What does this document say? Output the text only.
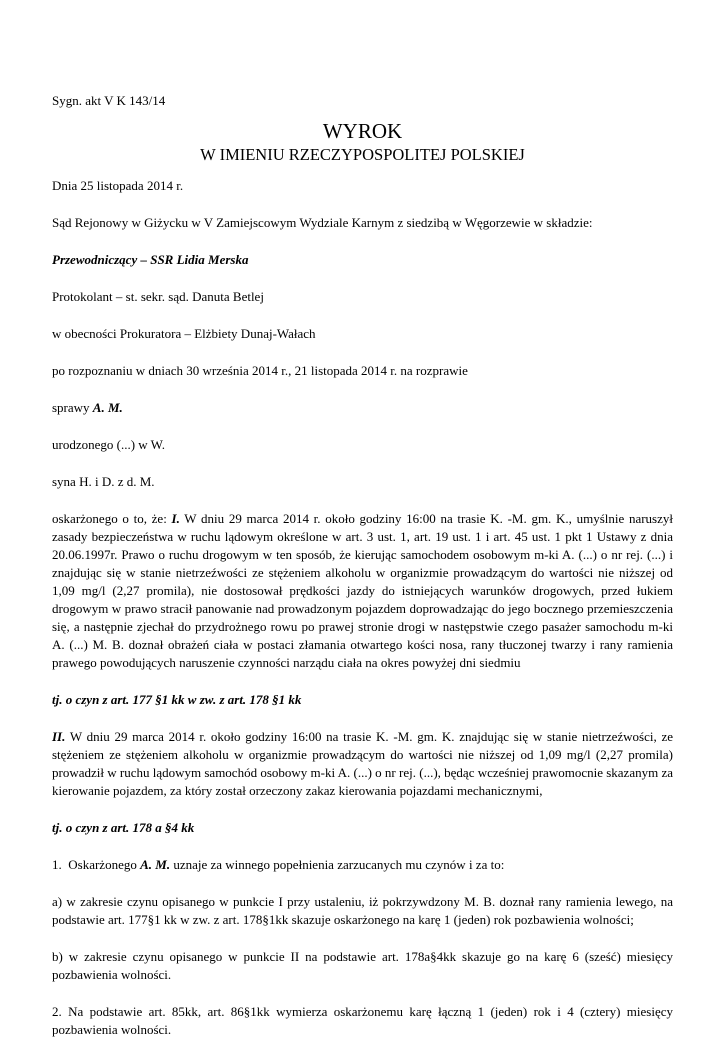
Sygn. akt V K 143/14

WYROK

W IMIENIU RZECZYPOSPOLITEJ POLSKIEJ

Dnia 25 listopada 2014 r.

Sąd Rejonowy w Giżycku w V Zamiejscowym Wydziale Karnym z siedzibą w Węgorzewie w składzie:

Przewodniczący – SSR Lidia Merska

Protokolant – st. sekr. sąd. Danuta Betlej

w obecności Prokuratora – Elżbiety Dunaj-Wałach

po rozpoznaniu w dniach 30 września 2014 r., 21 listopada 2014 r. na rozprawie

sprawy A. M.

urodzonego (...) w W.

syna H. i D. z d. M.

oskarżonego o to, że: I. W dniu 29 marca 2014 r. około godziny 16:00 na trasie K. -M. gm. K., umyślnie naruszył zasady bezpieczeństwa w ruchu lądowym określone w art. 3 ust. 1, art. 19 ust. 1 i art. 45 ust. 1 pkt 1 Ustawy z dnia 20.06.1997r. Prawo o ruchu drogowym w ten sposób, że kierując samochodem osobowym m-ki A. (...) o nr rej. (...) i znajdując się w stanie nietrzeźwości ze stężeniem alkoholu w organizmie prowadzącym do wartości nie niższej od 1,09 mg/l (2,27 promila), nie dostosował prędkości jazdy do istniejących warunków drogowych, przed łukiem drogowym w prawo stracił panowanie nad prowadzonym pojazdem doprowadzając do jego bocznego przemieszczenia się, a następnie zjechał do przydrożnego rowu po prawej stronie drogi w następstwie czego pasażer samochodu m-ki A. (...) M. B. doznał obrażeń ciała w postaci złamania otwartego kości nosa, rany tłuczonej twarzy i rany ramienia prawego powodujących naruszenie czynności narządu ciała na okres powyżej dni siedmiu

tj. o czyn z art. 177 §1 kk w zw. z art. 178 §1 kk

II. W dniu 29 marca 2014 r. około godziny 16:00 na trasie K. -M. gm. K. znajdując się w stanie nietrzeźwości, ze stężeniem ze stężeniem alkoholu w organizmie prowadzącym do wartości nie niższej od 1,09 mg/l (2,27 promila) prowadził w ruchu lądowym samochód osobowy m-ki A. (...) o nr rej. (...), będąc wcześniej prawomocnie skazanym za kierowanie pojazdem, za który został orzeczony zakaz kierowania pojazdami mechanicznymi,

tj. o czyn z art. 178 a §4 kk

1.  Oskarżonego A. M. uznaje za winnego popełnienia zarzucanych mu czynów i za to:

a) w zakresie czynu opisanego w punkcie I przy ustaleniu, iż pokrzywdzony M. B. doznał rany ramienia lewego, na podstawie art. 177§1 kk w zw. z art. 178§1kk skazuje oskarżonego na karę 1 (jeden) rok pozbawienia wolności;

b) w zakresie czynu opisanego w punkcie II na podstawie art. 178a§4kk skazuje go na karę 6 (sześć) miesięcy pozbawienia wolności.

2. Na podstawie art. 85kk, art. 86§1kk wymierza oskarżonemu karę łączną 1 (jeden) rok i 4 (cztery) miesięcy pozbawienia wolności.
